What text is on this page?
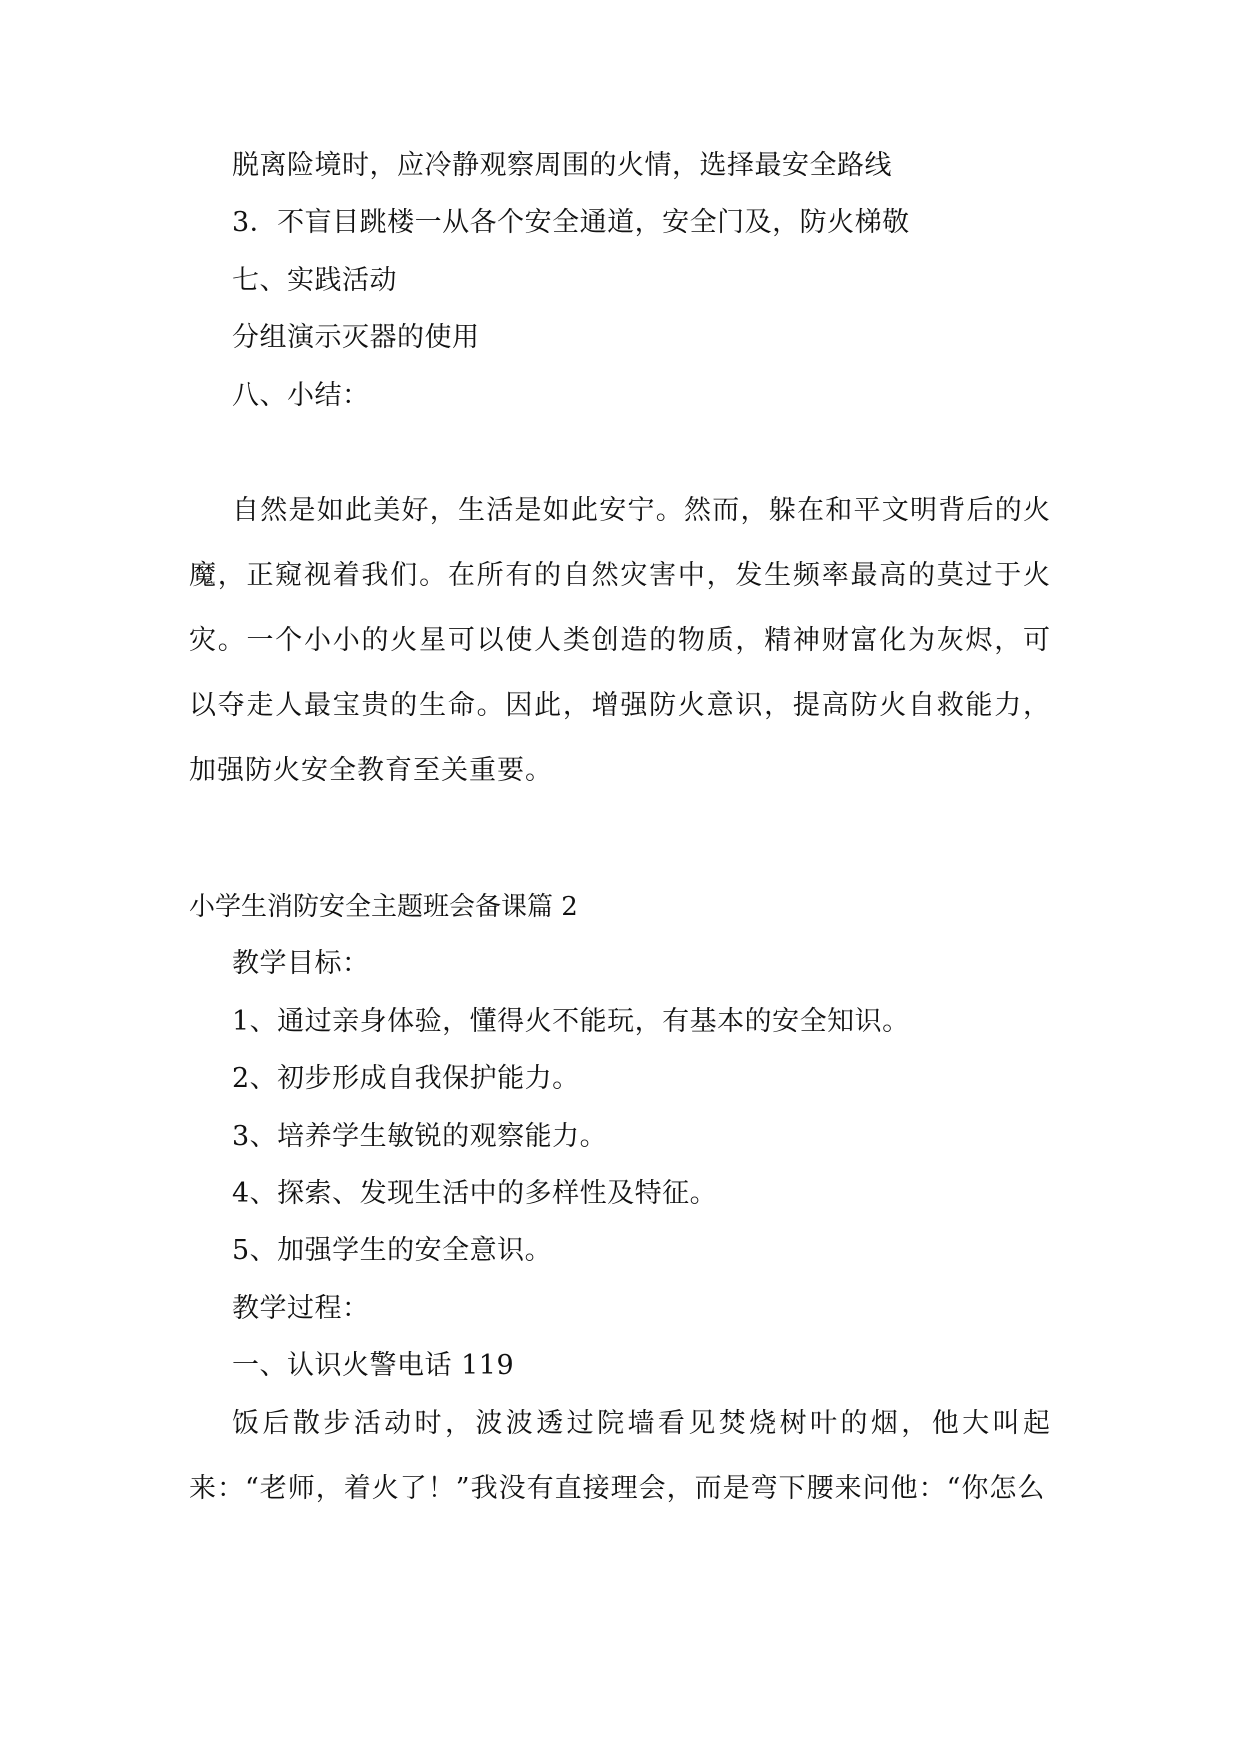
脱离险境时，应冷静观察周围的火情，选择最安全路线
3．不盲目跳楼一从各个安全通道，安全门及，防火梯敬
七、实践活动
分组演示灭器的使用
八、小结：
自然是如此美好，生活是如此安宁。然而，躲在和平文明背后的火魔，正窥视着我们。在所有的自然灾害中，发生频率最高的莫过于火灾。一个小小的火星可以使人类创造的物质，精神财富化为灰烬，可以夺走人最宝贵的生命。因此，增强防火意识，提高防火自救能力，加强防火安全教育至关重要。
小学生消防安全主题班会备课篇 2
教学目标：
1、通过亲身体验，懂得火不能玩，有基本的安全知识。
2、初步形成自我保护能力。
3、培养学生敏锐的观察能力。
4、探索、发现生活中的多样性及特征。
5、加强学生的安全意识。
教学过程：
一、认识火警电话 119
饭后散步活动时，波波透过院墙看见焚烧树叶的烟，他大叫起来：“老师，着火了！”我没有直接理会，而是弯下腰来问他：“你怎么
